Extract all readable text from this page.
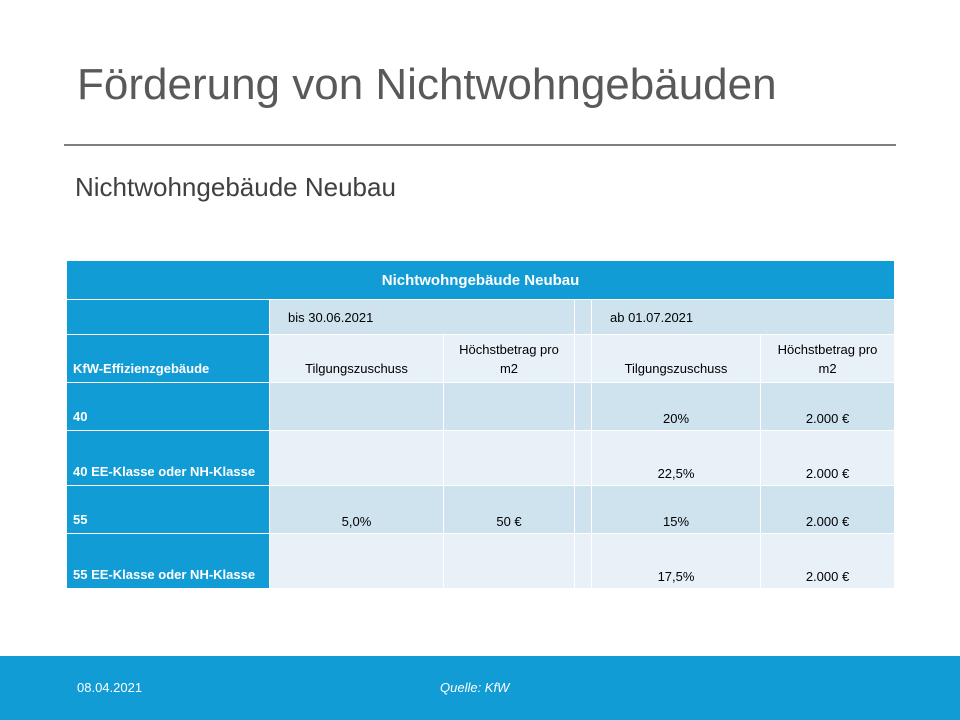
Förderung von Nichtwohngebäuden
Nichtwohngebäude Neubau
Nichtwohngebäude Neubau					
	bis 30.06.2021			ab 01.07.2021	
KfW-Effizienzgebäude	Tilgungszuschuss	Höchstbetrag pro m2		Tilgungszuschuss	Höchstbetrag pro m2
40				20%	2.000 €
40 EE-Klasse oder NH-Klasse				22,5%	2.000 €
55	5,0%	50 €		15%	2.000 €
55 EE-Klasse oder NH-Klasse				17,5%	2.000 €
08.04.2021	Quelle: KfW
